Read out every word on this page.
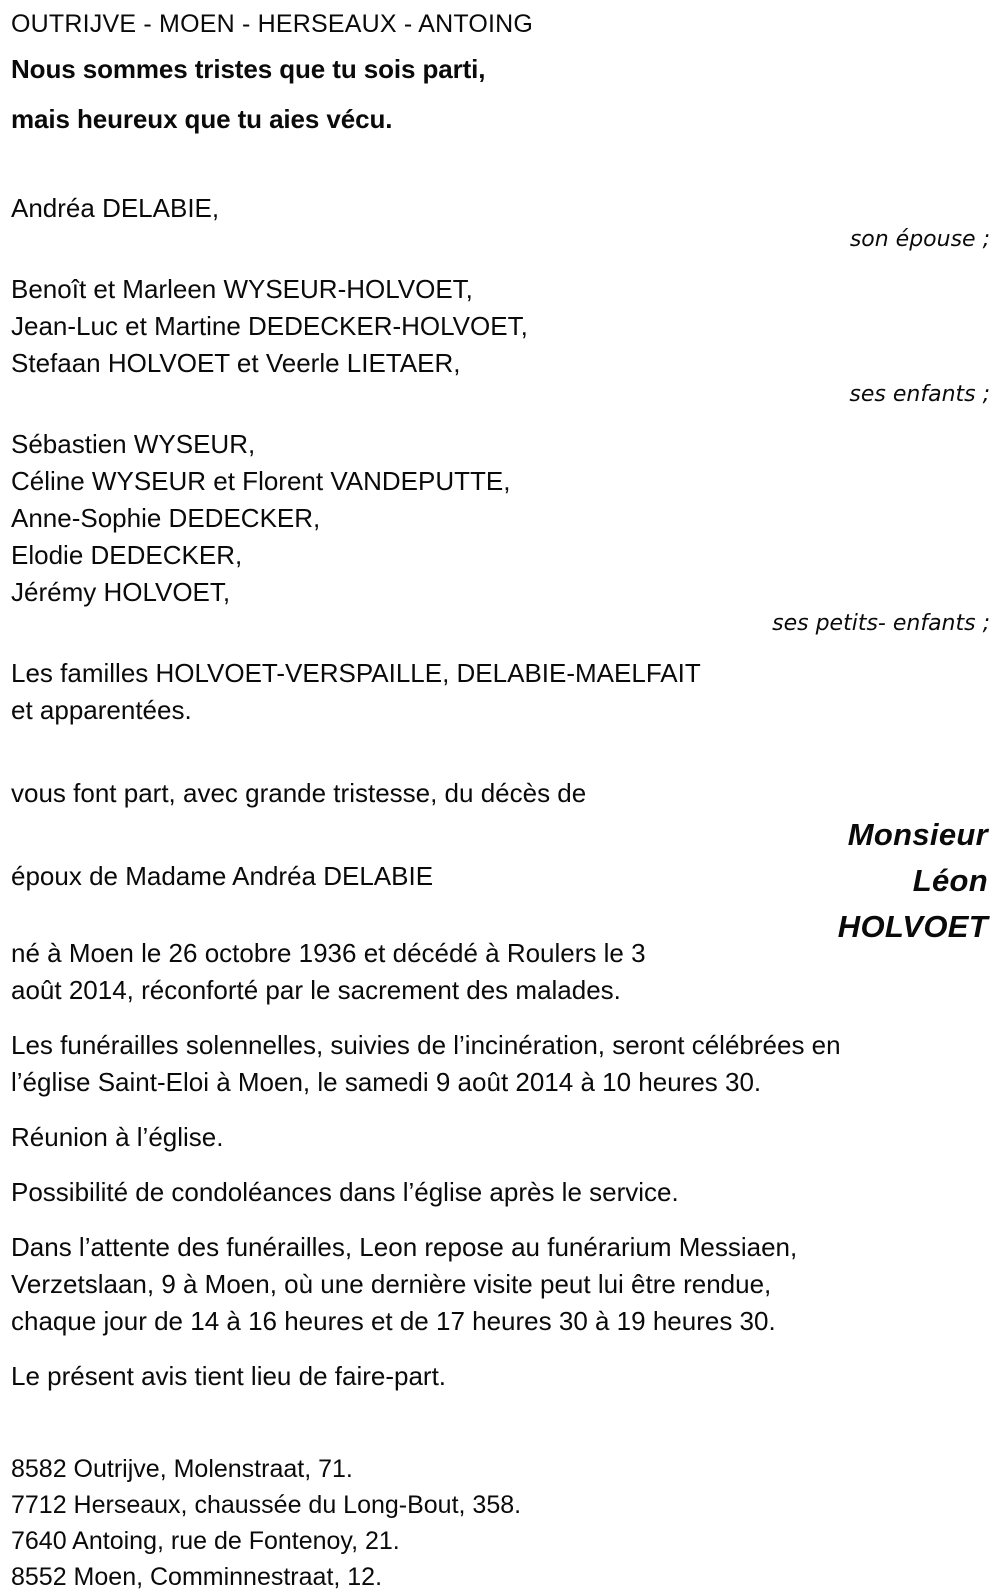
Monsieur
Léon
HOLVOET
OUTRIJVE - MOEN - HERSEAUX - ANTOING
Nous sommes tristes que tu sois parti,
mais heureux que tu aies vécu.
Andréa DELABIE,
son épouse ;
Benoît et Marleen WYSEUR-HOLVOET,
Jean-Luc et Martine DEDECKER-HOLVOET,
Stefaan HOLVOET et Veerle LIETAER,
ses enfants ;
Sébastien WYSEUR,
Céline WYSEUR et Florent VANDEPUTTE,
Anne-Sophie DEDECKER,
Elodie DEDECKER,
Jérémy HOLVOET,
ses petits- enfants ;
Les familles HOLVOET-VERSPAILLE, DELABIE-MAELFAIT
et apparentées.
vous font part, avec grande tristesse, du décès de
époux de Madame Andréa DELABIE
né à Moen le 26 octobre 1936 et décédé à Roulers le 3
août 2014, réconforté par le sacrement des malades.
Les funérailles solennelles, suivies de l’incinération, seront célébrées en
l’église Saint-Eloi à Moen, le samedi 9 août 2014 à 10 heures 30.
Réunion à l’église.
Possibilité de condoléances dans l’église après le service.
Dans l’attente des funérailles, Leon repose au funérarium Messiaen,
Verzetslaan, 9 à Moen, où une dernière visite peut lui être rendue,
chaque jour de 14 à 16 heures et de 17 heures 30 à 19 heures 30.
Le présent avis tient lieu de faire-part.
8582 Outrijve, Molenstraat, 71.
7712 Herseaux, chaussée du Long-Bout, 358.
7640 Antoing, rue de Fontenoy, 21.
8552 Moen, Comminnestraat, 12.
